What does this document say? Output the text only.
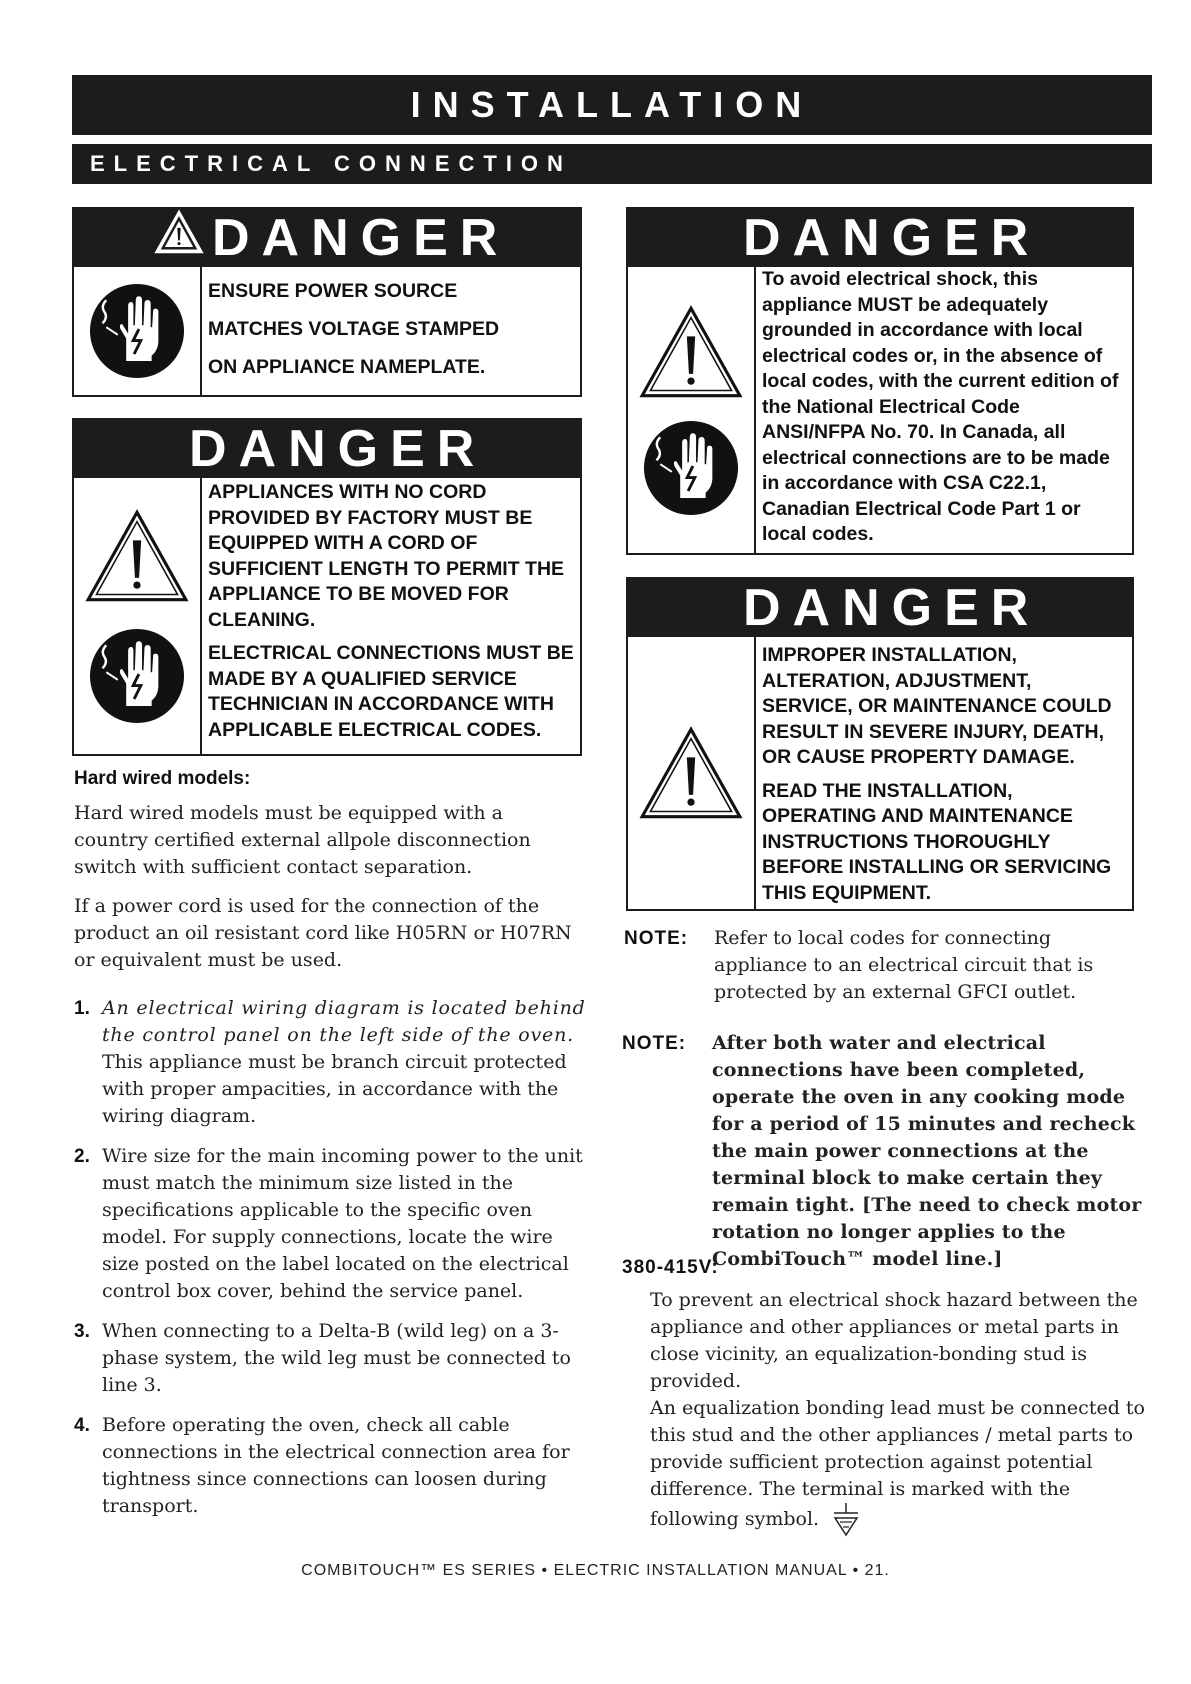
INSTALLATION
ELECTRICAL CONNECTION
DANGER

ENSURE POWER SOURCE

MATCHES VOLTAGE STAMPED

ON APPLIANCE NAMEPLATE.

DANGER

APPLIANCES WITH NO CORD PROVIDED BY FACTORY MUST BE EQUIPPED WITH A CORD OF SUFFICIENT LENGTH TO PERMIT THE APPLIANCE TO BE MOVED FOR CLEANING.

ELECTRICAL CONNECTIONS MUST BE MADE BY A QUALIFIED SERVICE TECHNICIAN IN ACCORDANCE WITH APPLICABLE ELECTRICAL CODES.

DANGER

To avoid electrical shock, this appliance MUST be adequately grounded in accordance with local electrical codes or, in the absence of local codes, with the current edition of the National Electrical Code ANSI/NFPA No. 70. In Canada, all electrical connections are to be made in accordance with CSA C22.1, Canadian Electrical Code Part 1 or local codes.

DANGER

IMPROPER INSTALLATION, ALTERATION, ADJUSTMENT, SERVICE, OR MAINTENANCE COULD RESULT IN SEVERE INJURY, DEATH, OR CAUSE PROPERTY DAMAGE.

READ THE INSTALLATION, OPERATING AND MAINTENANCE INSTRUCTIONS THOROUGHLY BEFORE INSTALLING OR SERVICING THIS EQUIPMENT.

Hard wired models:

Hard wired models must be equipped with a country certified external allpole disconnection switch with sufficient contact separation.

If a power cord is used for the connection of the product an oil resistant cord like H05RN or H07RN or equivalent must be used.

1. An electrical wiring diagram is located behind the control panel on the left side of the oven. This appliance must be branch circuit protected with proper ampacities, in accordance with the wiring diagram.
2. Wire size for the main incoming power to the unit must match the minimum size listed in the specifications applicable to the specific oven model. For supply connections, locate the wire size posted on the label located on the electrical control box cover, behind the service panel.
3. When connecting to a Delta-B (wild leg) on a 3-phase system, the wild leg must be connected to line 3.
4. Before operating the oven, check all cable connections in the electrical connection area for tightness since connections can loosen during transport.
NOTE:	Refer to local codes for connecting appliance to an electrical circuit that is protected by an external GFCI outlet.
NOTE:	After both water and electrical connections have been completed, operate the oven in any cooking mode for a period of 15 minutes and recheck the main power connections at the terminal block to make certain they remain tight. [The need to check motor rotation no longer applies to the CombiTouch™ model line.]
380-415V:

To prevent an electrical shock hazard between the appliance and other appliances or metal parts in close vicinity, an equalization-bonding stud is provided.

An equalization bonding lead must be connected to this stud and the other appliances / metal parts to provide sufficient protection against potential difference. The terminal is marked with the following symbol.

COMBITOUCH™ ES SERIES • ELECTRIC INSTALLATION MANUAL • 21.
